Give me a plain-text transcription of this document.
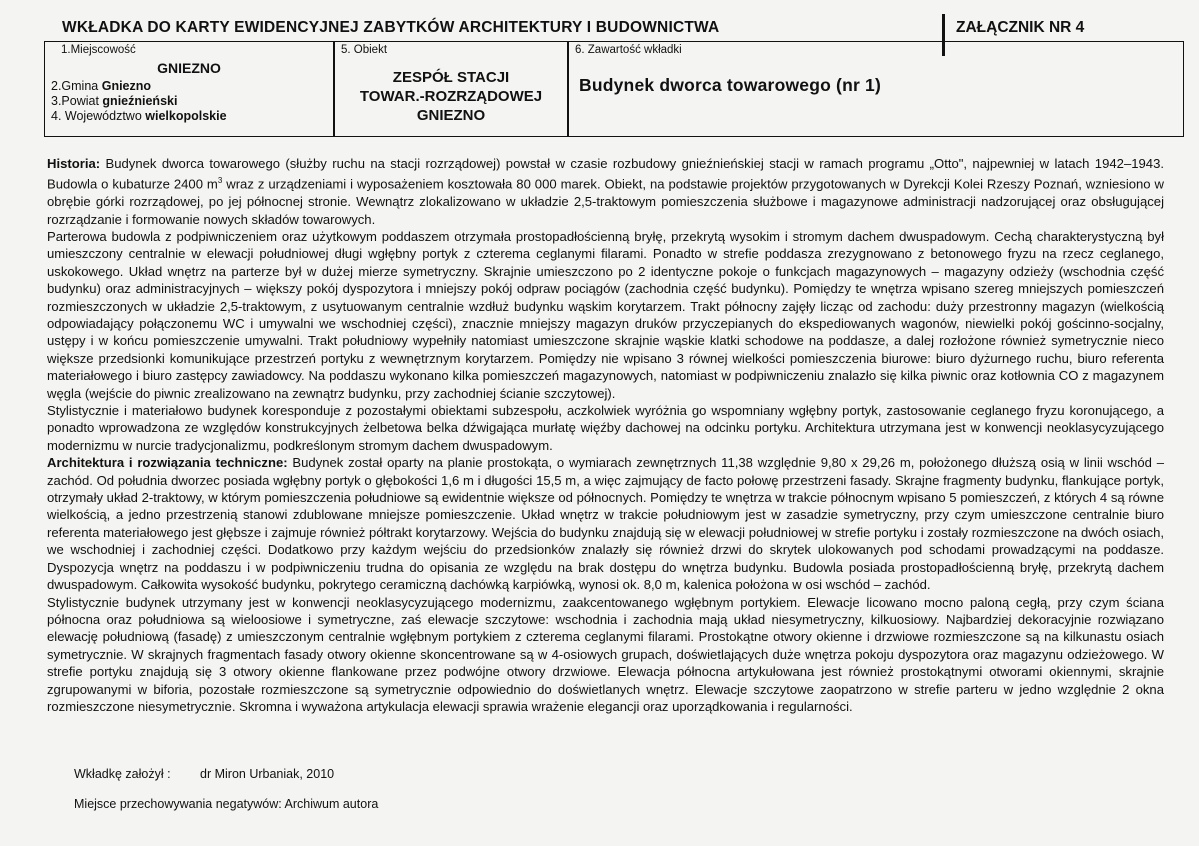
WKŁADKA DO KARTY EWIDENCYJNEJ ZABYTKÓW ARCHITEKTURY I BUDOWNICTWA	ZAŁĄCZNIK NR 4
1.Miejscowość
GNIEZNO
2.Gmina Gniezno
3.Powiat gnieźnieński
4. Województwo wielkopolskie
5. Obiekt
ZESPÓŁ STACJI
TOWAR.-ROZRZĄDOWEJ
GNIEZNO
6. Zawartość wkładki
Budynek dworca towarowego (nr 1)

Historia: Budynek dworca towarowego (służby ruchu na stacji rozrządowej) powstał w czasie rozbudowy gnieźnieńskiej stacji w ramach programu „Otto", najpewniej w latach 1942–1943. Budowla o kubaturze 2400 $m^3$ wraz z urządzeniami i wyposażeniem kosztowała 80 000 marek. Obiekt, na podstawie projektów przygotowanych w Dyrekcji Kolei Rzeszy Poznań, wzniesiono w obrębie górki rozrządowej, po jej północnej stronie. Wewnątrz zlokalizowano w układzie 2,5-traktowym pomieszczenia służbowe i magazynowe administracji nadzorującej oraz obsługującej rozrządzanie i formowanie nowych składów towarowych.

Parterowa budowla z podpiwniczeniem oraz użytkowym poddaszem otrzymała prostopadłościenną bryłę, przekrytą wysokim i stromym dachem dwuspadowym. Cechą charakterystyczną był umieszczony centralnie w elewacji południowej długi wgłębny portyk z czterema ceglanymi filarami. Ponadto w strefie poddasza zrezygnowano z betonowego fryzu na rzecz ceglanego, uskokowego. Układ wnętrz na parterze był w dużej mierze symetryczny. Skrajnie umieszczono po 2 identyczne pokoje o funkcjach magazynowych – magazyny odzieży (wschodnia część budynku) oraz administracyjnych – większy pokój dyspozytora i mniejszy pokój odpraw pociągów (zachodnia część budynku). Pomiędzy te wnętrza wpisano szereg mniejszych pomieszczeń rozmieszczonych w układzie 2,5-traktowym, z usytuowanym centralnie wzdłuż budynku wąskim korytarzem. Trakt północny zajęły licząc od zachodu: duży przestronny magazyn (wielkością odpowiadający połączonemu WC i umywalni we wschodniej części), znacznie mniejszy magazyn druków przyczepianych do ekspediowanych wagonów, niewielki pokój gościnno-socjalny, ustępy i w końcu pomieszczenie umywalni. Trakt południowy wypełniły natomiast umieszczone skrajnie wąskie klatki schodowe na poddasze, a dalej rozłożone również symetrycznie nieco większe przedsionki komunikujące przestrzeń portyku z wewnętrznym korytarzem. Pomiędzy nie wpisano 3 równej wielkości pomieszczenia biurowe: biuro dyżurnego ruchu, biuro referenta materiałowego i biuro zastępcy zawiadowcy. Na poddaszu wykonano kilka pomieszczeń magazynowych, natomiast w podpiwniczeniu znalazło się kilka piwnic oraz kotłownia CO z magazynem węgla (wejście do piwnic zrealizowano na zewnątrz budynku, przy zachodniej ścianie szczytowej).

Stylistycznie i materiałowo budynek koresponduje z pozostałymi obiektami subzespołu, aczkolwiek wyróżnia go wspomniany wgłębny portyk, zastosowanie ceglanego fryzu koronującego, a ponadto wprowadzona ze względów konstrukcyjnych żelbetowa belka dźwigająca murłatę więźby dachowej na odcinku portyku. Architektura utrzymana jest w konwencji neoklasycyzującego modernizmu w nurcie tradycjonalizmu, podkreślonym stromym dachem dwuspadowym.

Architektura i rozwiązania techniczne: Budynek został oparty na planie prostokąta, o wymiarach zewnętrznych 11,38 względnie 9,80 x 29,26 m, położonego dłuższą osią w linii wschód – zachód. Od południa dworzec posiada wgłębny portyk o głębokości 1,6 m i długości 15,5 m, a więc zajmujący de facto połowę przestrzeni fasady. Skrajne fragmenty budynku, flankujące portyk, otrzymały układ 2-traktowy, w którym pomieszczenia południowe są ewidentnie większe od północnych. Pomiędzy te wnętrza w trakcie północnym wpisano 5 pomieszczeń, z których 4 są równe wielkością, a jedno przestrzenią stanowi zdublowane mniejsze pomieszczenie. Układ wnętrz w trakcie południowym jest w zasadzie symetryczny, przy czym umieszczone centralnie biuro referenta materiałowego jest głębsze i zajmuje również półtrakt korytarzowy. Wejścia do budynku znajdują się w elewacji południowej w strefie portyku i zostały rozmieszczone na dwóch osiach, we wschodniej i zachodniej części. Dodatkowo przy każdym wejściu do przedsionków znalazły się również drzwi do skrytek ulokowanych pod schodami prowadzącymi na poddasze. Dyspozycja wnętrz na poddaszu i w podpiwniczeniu trudna do opisania ze względu na brak dostępu do wnętrza budynku. Budowla posiada prostopadłościenną bryłę, przekrytą dachem dwuspadowym. Całkowita wysokość budynku, pokrytego ceramiczną dachówką karpiówką, wynosi ok. 8,0 m, kalenica położona w osi wschód – zachód.

Stylistycznie budynek utrzymany jest w konwencji neoklasycyzującego modernizmu, zaakcentowanego wgłębnym portykiem. Elewacje licowano mocno paloną cegłą, przy czym ściana północna oraz południowa są wieloosiowe i symetryczne, zaś elewacje szczytowe: wschodnia i zachodnia mają układ niesymetryczny, kilkuosiowy. Najbardziej dekoracyjnie rozwiązano elewację południową (fasadę) z umieszczonym centralnie wgłębnym portykiem z czterema ceglanymi filarami. Prostokątne otwory okienne i drzwiowe rozmieszczone są na kilkunastu osiach symetrycznie. W skrajnych fragmentach fasady otwory okienne skoncentrowane są w 4-osiowych grupach, doświetlających duże wnętrza pokoju dyspozytora oraz magazynu odzieżowego. W strefie portyku znajdują się 3 otwory okienne flankowane przez podwójne otwory drzwiowe. Elewacja północna artykułowana jest również prostokątnymi otworami okiennymi, skrajnie zgrupowanymi w biforia, pozostałe rozmieszczone są symetrycznie odpowiednio do doświetlanych wnętrz. Elewacje szczytowe zaopatrzono w strefie parteru w jedno względnie 2 okna rozmieszczone niesymetrycznie. Skromna i wyważona artykulacja elewacji sprawia wrażenie elegancji oraz uporządkowania i regularności.

Wkładkę założył : dr Miron Urbaniak, 2010
Miejsce przechowywania negatywów: Archiwum autora
